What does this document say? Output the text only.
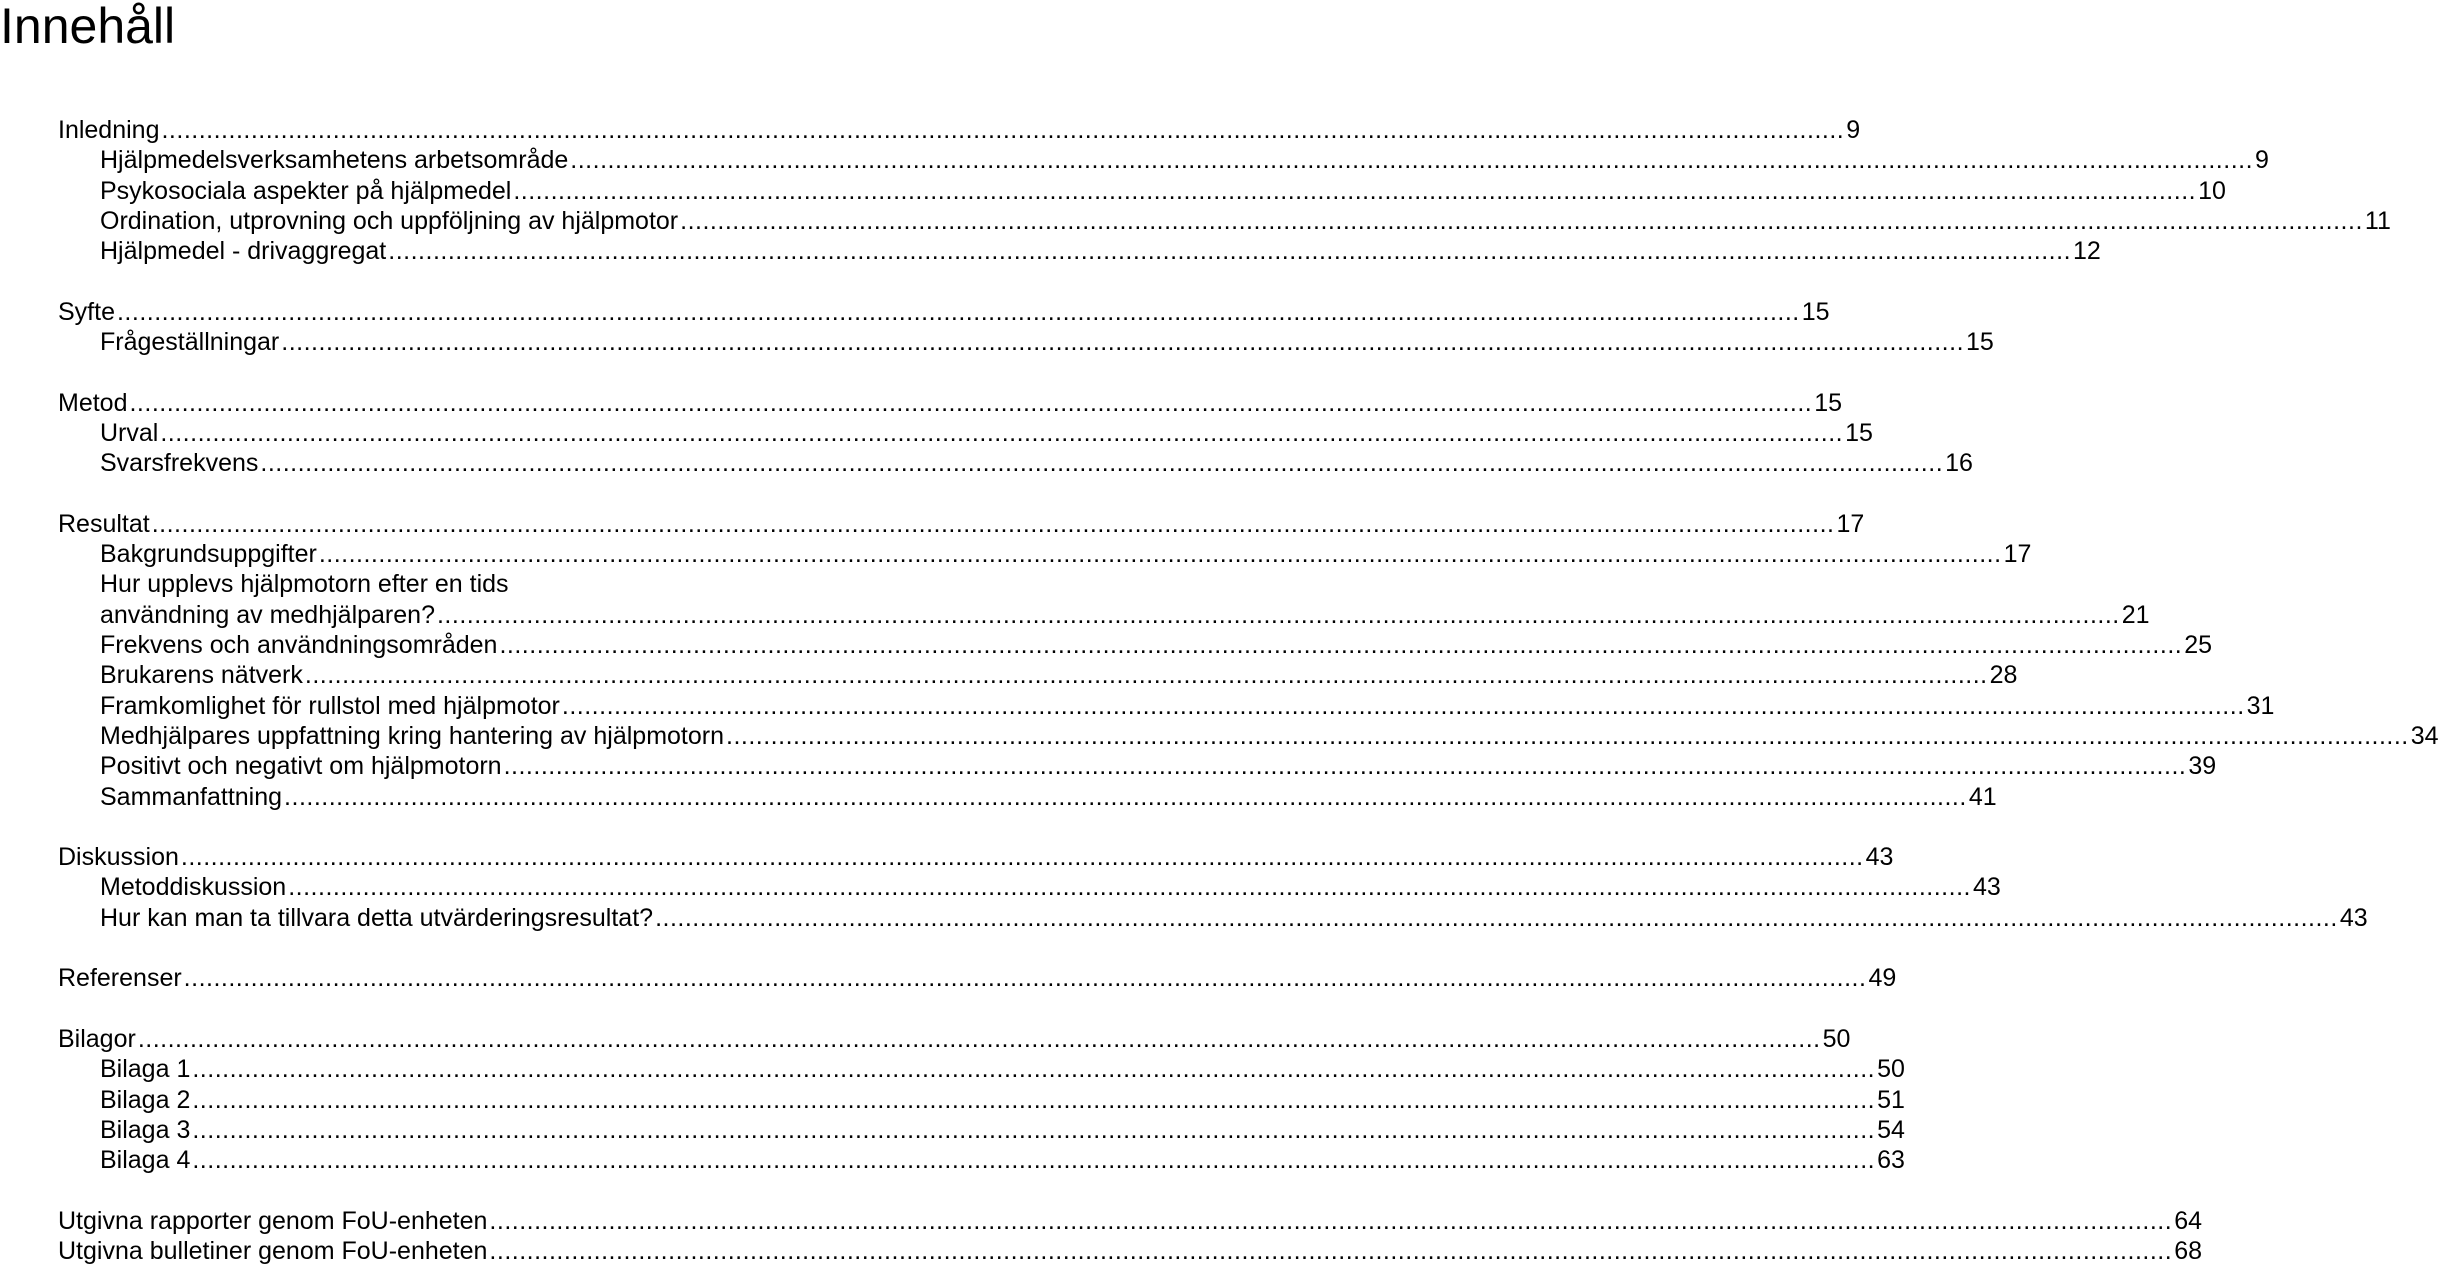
Innehåll
Inledning .....	9
Hjälpmedelsverksamhetens arbetsområde .....	9
Psykosociala aspekter på hjälpmedel .....	10
Ordination, utprovning och uppföljning av hjälpmotor .....	11
Hjälpmedel - drivaggregat .....	12
Syfte .....	15
Frågeställningar .....	15
Metod .....	15
Urval .....	15
Svarsfrekvens .....	16
Resultat .....	17
Bakgrundsuppgifter .....	17
Hur upplevs hjälpmotorn efter en tids
användning av medhjälparen? .....	21
Frekvens och användningsområden .....	25
Brukarens nätverk .....	28
Framkomlighet för rullstol med hjälpmotor .....	31
Medhjälpares uppfattning kring hantering av hjälpmotorn .....	34
Positivt och negativt om hjälpmotorn .....	39
Sammanfattning .....	41
Diskussion .....	43
Metoddiskussion .....	43
Hur kan man ta tillvara detta utvärderingsresultat? .....	43
Referenser .....	49
Bilagor .....	50
Bilaga 1 .....	50
Bilaga 2 .....	51
Bilaga 3 .....	54
Bilaga 4 .....	63
Utgivna rapporter genom FoU-enheten .....	64
Utgivna bulletiner genom FoU-enheten .....	68
